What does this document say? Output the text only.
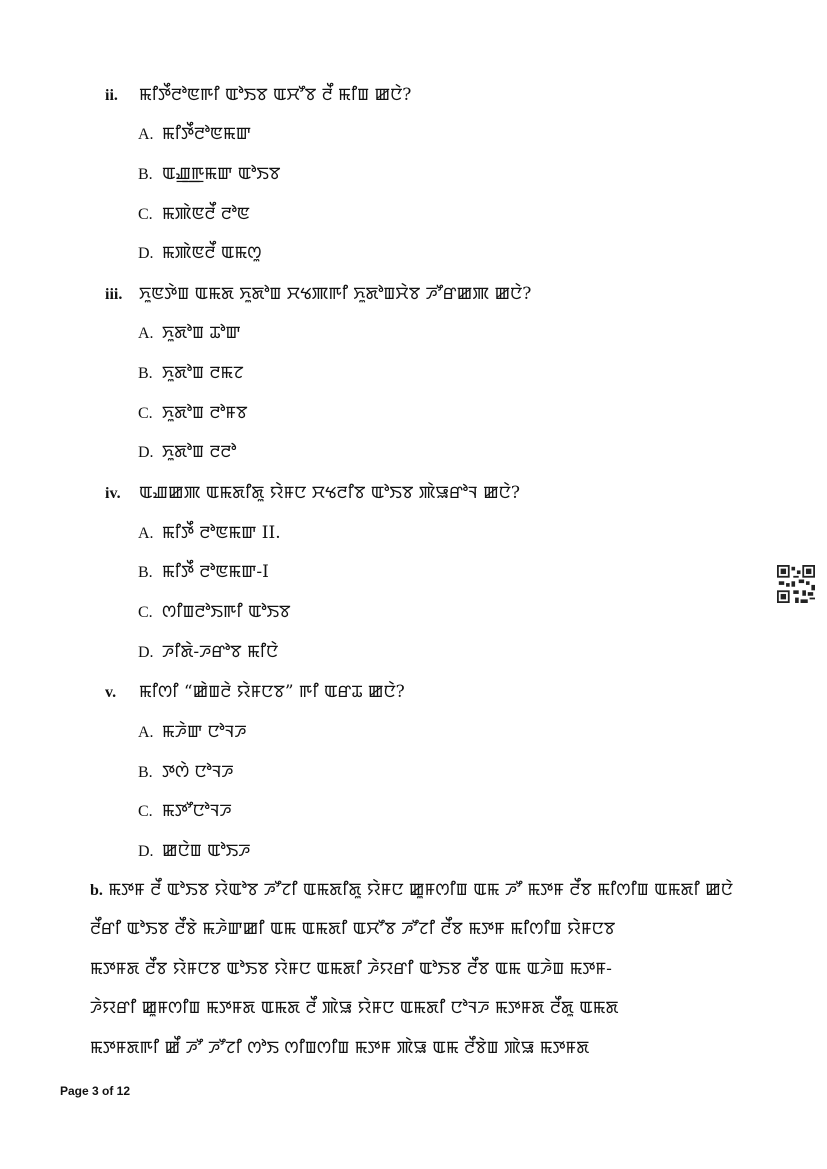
ii. ꯃꯤꯇꯩꯂꯣꯟꯒꯤ ꯑꯣꯏꯕ ꯑꯆꯧꯕ ꯂꯩ ꯃꯤꯡ ꯀꯅꯥ?
A. ꯃꯤꯇꯩꯂꯣꯟꯃꯛ
B. ꯑꯉ꯭ꯒꯃꯛ ꯑꯣꯏꯕ
C. ꯃꯄꯥꯟꯂꯩ ꯂꯣꯟ
D. ꯃꯄꯥꯟꯂꯩ ꯑꯃꯁꯨ
iii. ꯈꯨꯟꯇꯥꯡ ꯑꯃꯗ ꯈꯨꯗꯣꯡ ꯆꯠꯄꯒꯤ ꯈꯨꯗꯣꯡꯆꯥꯕ ꯍꯧꯔꯀꯄ ꯀꯅꯥ?
A. ꯈꯨꯗꯣꯡ ꯊꯣꯛ
B. ꯈꯨꯗꯣꯡ ꯂꯃꯖ
C. ꯈꯨꯗꯣꯡ ꯂꯣꯝꯕ
D. ꯈꯨꯗꯣꯡ ꯂꯂꯣ
iv. ꯑꯉꯀꯄ ꯑꯃꯗꯤꯗꯨ ꯌꯥꯝꯅ ꯆꯠꯂꯤꯕ ꯑꯣꯏꯕ ꯄꯥꯎꯔꯣꯜ ꯀꯅꯥ?
A. ꯃꯤꯇꯩ ꯂꯣꯟꯃꯛ II.
B. ꯃꯤꯇꯩ ꯂꯣꯟꯃꯛ-I
C. ꯁꯤꯡꯂꯣꯏꯒꯤ ꯑꯣꯏꯕ
D. ꯍꯤꯗꯥ-ꯍꯔꯣꯕ ꯃꯤꯅꯥ
v. ꯃꯤꯁꯤ “ꯀꯥꯡꯂꯥ ꯌꯥꯝꯅꯕ” ꯒꯤ ꯑꯔꯊ ꯀꯅꯥ?
A. ꯃꯍꯥꯛ ꯅꯣꯜꯍ
B. ꯇꯁꯥ ꯅꯣꯜꯍ
C. ꯃꯇꯧꯅꯣꯜꯍ
D. ꯀꯅꯥꯡ ꯑꯣꯏꯍ
b. ꯃꯇꯝ ꯂꯩ ꯑꯣꯏꯕ ꯌꯥꯑꯣꯕ ꯍꯧꯖꯤ ꯑꯃꯗꯤꯗꯨ ꯌꯥꯝꯅ ꯀꯨꯝꯁꯤꯡ ꯑꯃ ꯍꯧ ꯃꯇꯝ ꯂꯩꯕ ꯃꯤꯁꯤꯡ ꯑꯃꯗꯤ ꯀꯅꯥ
ꯂꯩꯔꯤ ꯑꯣꯏꯕ ꯂꯩꯕꯥ ꯃꯍꯥꯛꯀꯤ ꯑꯃ ꯑꯃꯗꯤ ꯑꯆꯧꯕ ꯍꯧꯖꯤ ꯂꯩꯕ ꯃꯇꯝ ꯃꯤꯁꯤꯡ ꯌꯥꯝꯅꯕ
ꯃꯇꯝꯗ ꯂꯩꯕ ꯌꯥꯝꯅꯕ ꯑꯣꯏꯕ ꯌꯥꯝꯅ ꯑꯃꯗꯤ ꯍꯥꯌꯔꯤ ꯑꯣꯏꯕ ꯂꯩꯕ ꯑꯃ ꯑꯍꯥꯡ ꯃꯇꯝ-
ꯍꯥꯌꯔꯤ ꯀꯨꯝꯁꯤꯡ ꯃꯇꯝꯗ ꯑꯃꯗ ꯂꯩ ꯄꯥꯎ ꯌꯥꯝꯅ ꯑꯃꯗꯤ ꯅꯣꯜꯍ ꯃꯇꯝꯗ ꯂꯩꯗꯨ ꯑꯃꯗ
ꯃꯇꯝꯗꯒꯤ ꯀꯩ ꯍꯧ ꯍꯧꯖꯤ ꯁꯣꯏ ꯁꯤꯡꯁꯤꯡ ꯃꯇꯝ ꯄꯥꯎ ꯑꯃ ꯂꯩꯕꯥꯡ ꯄꯥꯎ ꯃꯇꯝꯗ
Page 3 of 12
